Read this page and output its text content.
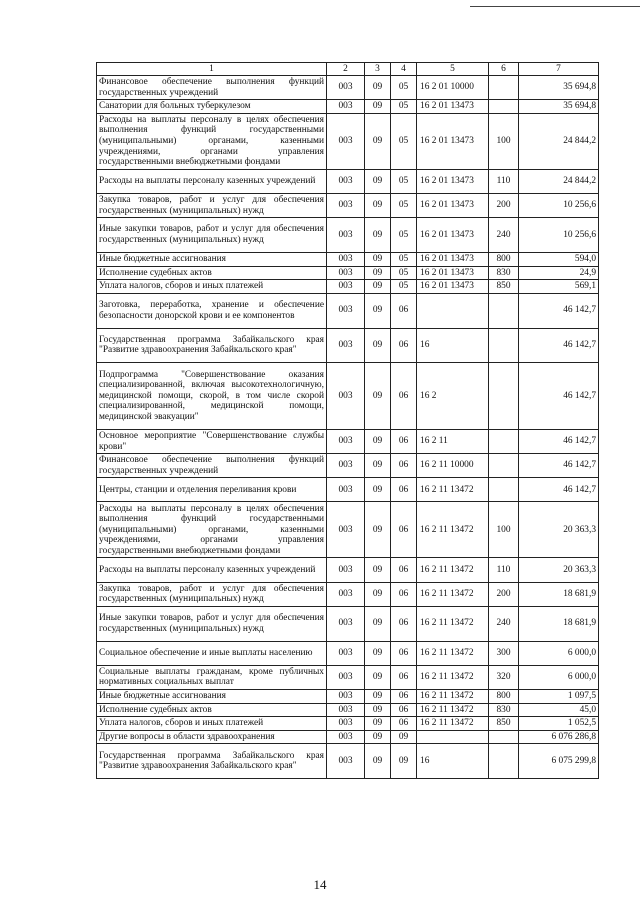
1	2	3	4	5	6	7
Финансовое обеспечение выполнения функций государственных учреждений	003	09	05	16 2 01 10000		35 694,8
Санатории для больных туберкулезом	003	09	05	16 2 01 13473		35 694,8
Расходы на выплаты персоналу в целях обеспечения выполнения функций государственными (муниципальными) органами, казенными учреждениями, органами управления государственными внебюджетными фондами	003	09	05	16 2 01 13473	100	24 844,2
Расходы на выплаты персоналу казенных учреждений	003	09	05	16 2 01 13473	110	24 844,2
Закупка товаров, работ и услуг для обеспечения государственных (муниципальных) нужд	003	09	05	16 2 01 13473	200	10 256,6
Иные закупки товаров, работ и услуг для обеспечения государственных (муниципальных) нужд	003	09	05	16 2 01 13473	240	10 256,6
Иные бюджетные ассигнования	003	09	05	16 2 01 13473	800	594,0
Исполнение судебных актов	003	09	05	16 2 01 13473	830	24,9
Уплата налогов, сборов и иных платежей	003	09	05	16 2 01 13473	850	569,1
Заготовка, переработка, хранение и обеспечение безопасности донорской крови и ее компонентов	003	09	06			46 142,7
Государственная программа Забайкальского края "Развитие здравоохранения Забайкальского края"	003	09	06	16		46 142,7
Подпрограмма "Совершенствование оказания специализированной, включая высокотехнологичную, медицинской помощи, скорой, в том числе скорой специализированной, медицинской помощи, медицинской эвакуации"	003	09	06	16 2		46 142,7
Основное мероприятие "Совершенствование службы крови"	003	09	06	16 2 11		46 142,7
Финансовое обеспечение выполнения функций государственных учреждений	003	09	06	16 2 11 10000		46 142,7
Центры, станции и отделения переливания крови	003	09	06	16 2 11 13472		46 142,7
Расходы на выплаты персоналу в целях обеспечения выполнения функций государственными (муниципальными) органами, казенными учреждениями, органами управления государственными внебюджетными фондами	003	09	06	16 2 11 13472	100	20 363,3
Расходы на выплаты персоналу казенных учреждений	003	09	06	16 2 11 13472	110	20 363,3
Закупка товаров, работ и услуг для обеспечения государственных (муниципальных) нужд	003	09	06	16 2 11 13472	200	18 681,9
Иные закупки товаров, работ и услуг для обеспечения государственных (муниципальных) нужд	003	09	06	16 2 11 13472	240	18 681,9
Социальное обеспечение и иные выплаты населению	003	09	06	16 2 11 13472	300	6 000,0
Социальные выплаты гражданам, кроме публичных нормативных социальных выплат	003	09	06	16 2 11 13472	320	6 000,0
Иные бюджетные ассигнования	003	09	06	16 2 11 13472	800	1 097,5
Исполнение судебных актов	003	09	06	16 2 11 13472	830	45,0
Уплата налогов, сборов и иных платежей	003	09	06	16 2 11 13472	850	1 052,5
Другие вопросы в области здравоохранения	003	09	09			6 076 286,8
Государственная программа Забайкальского края "Развитие здравоохранения Забайкальского края"	003	09	09	16		6 075 299,8
14
